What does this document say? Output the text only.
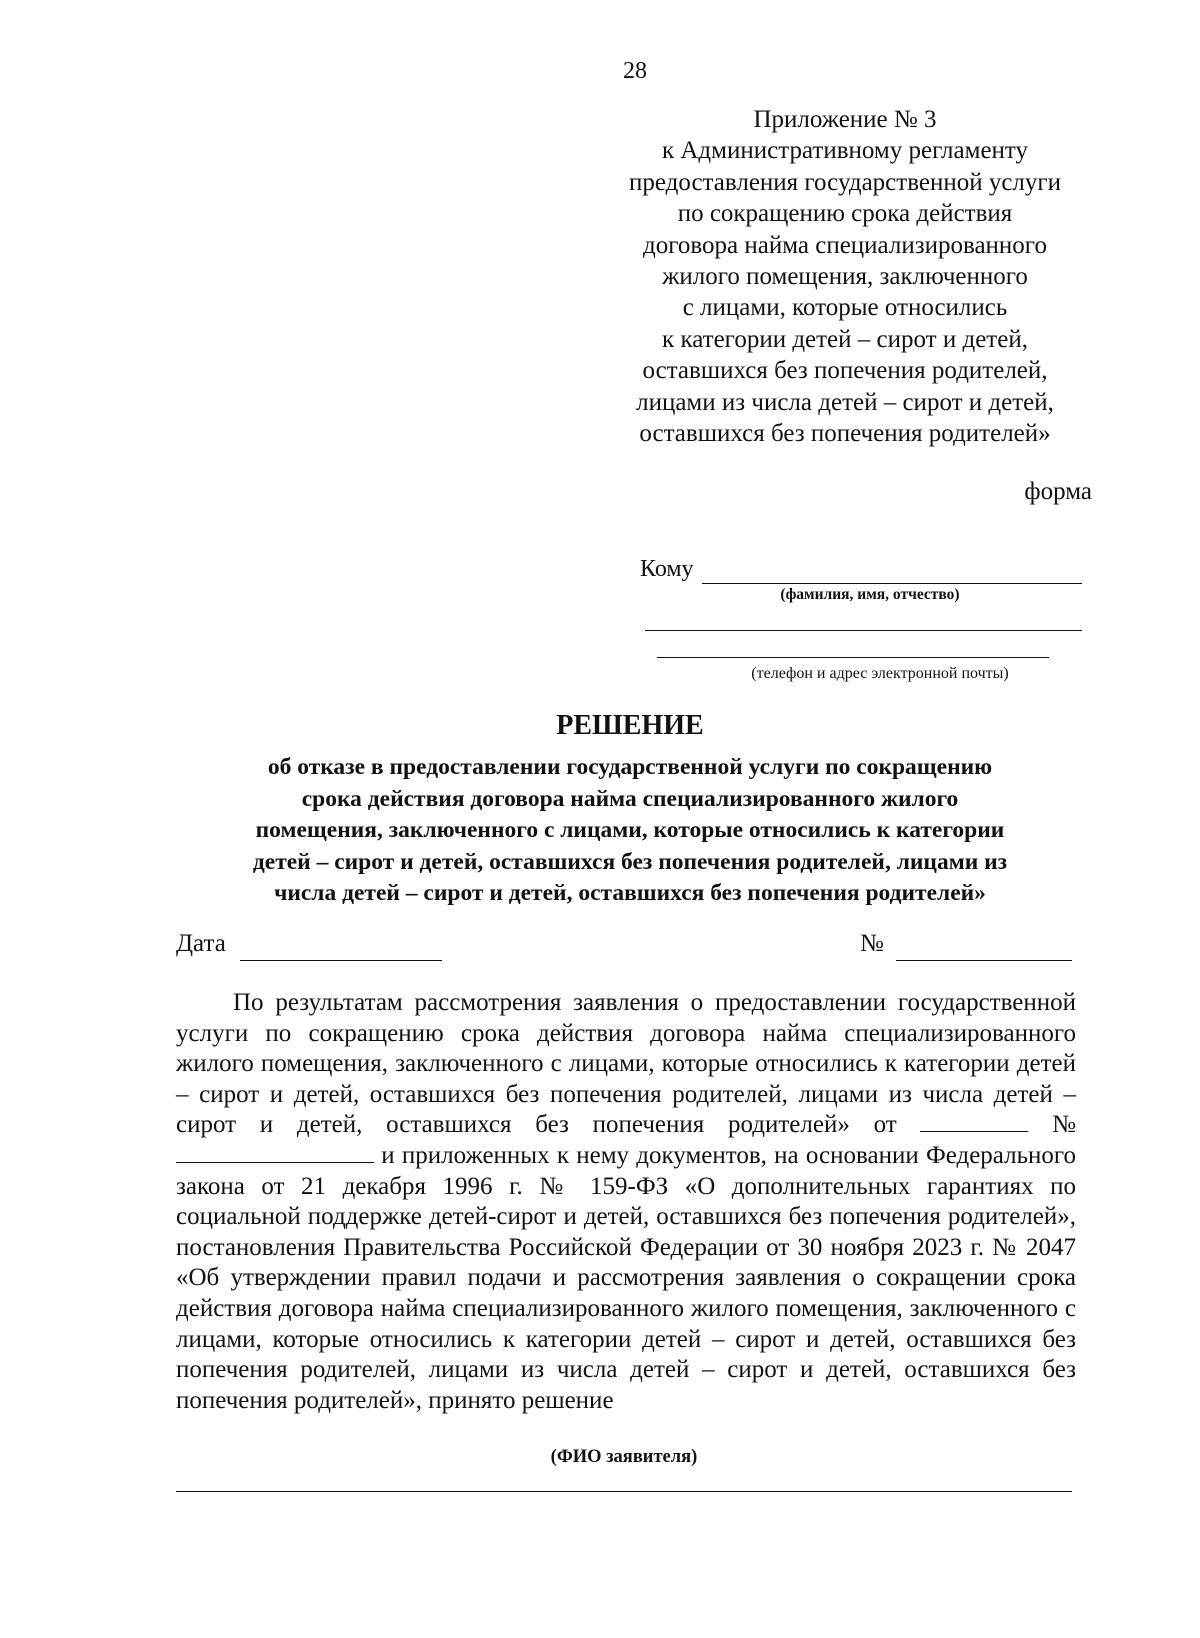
28
Приложение № 3
к Административному регламенту
предоставления государственной услуги
по сокращению срока действия
договора найма специализированного
жилого помещения, заключенного
с лицами, которые относились
к категории детей – сирот и детей,
оставшихся без попечения родителей,
лицами из числа детей – сирот и детей,
оставшихся без попечения родителей»
форма
Кому
(фамилия, имя, отчество)
(телефон и адрес электронной почты)
РЕШЕНИЕ
об отказе в предоставлении государственной услуги по сокращению
срока действия договора найма специализированного жилого
помещения, заключенного с лицами, которые относились к категории
детей – сирот и детей, оставшихся без попечения родителей, лицами из
числа детей – сирот и детей, оставшихся без попечения родителей»
Дата	№

По результатам рассмотрения заявления о предоставлении государственной услуги по сокращению срока действия договора найма специализированного жилого помещения, заключенного с лицами, которые относились к категории детей – сирот и детей, оставшихся без попечения родителей, лицами из числа детей – сирот и детей, оставшихся без попечения родителей» от	№  и приложенных к нему документов, на основании Федерального закона от 21 декабря 1996 г. № 159-ФЗ «О дополнительных гарантиях по социальной поддержке детей-сирот и детей, оставшихся без попечения родителей», постановления Правительства Российской Федерации от 30 ноября 2023 г. № 2047 «Об утверждении правил подачи и рассмотрения заявления о сокращении срока действия договора найма специализированного жилого помещения, заключенного с лицами, которые относились к категории детей – сирот и детей, оставшихся без попечения родителей, лицами из числа детей – сирот и детей, оставшихся без попечения родителей», принято решение

(ФИО заявителя)
